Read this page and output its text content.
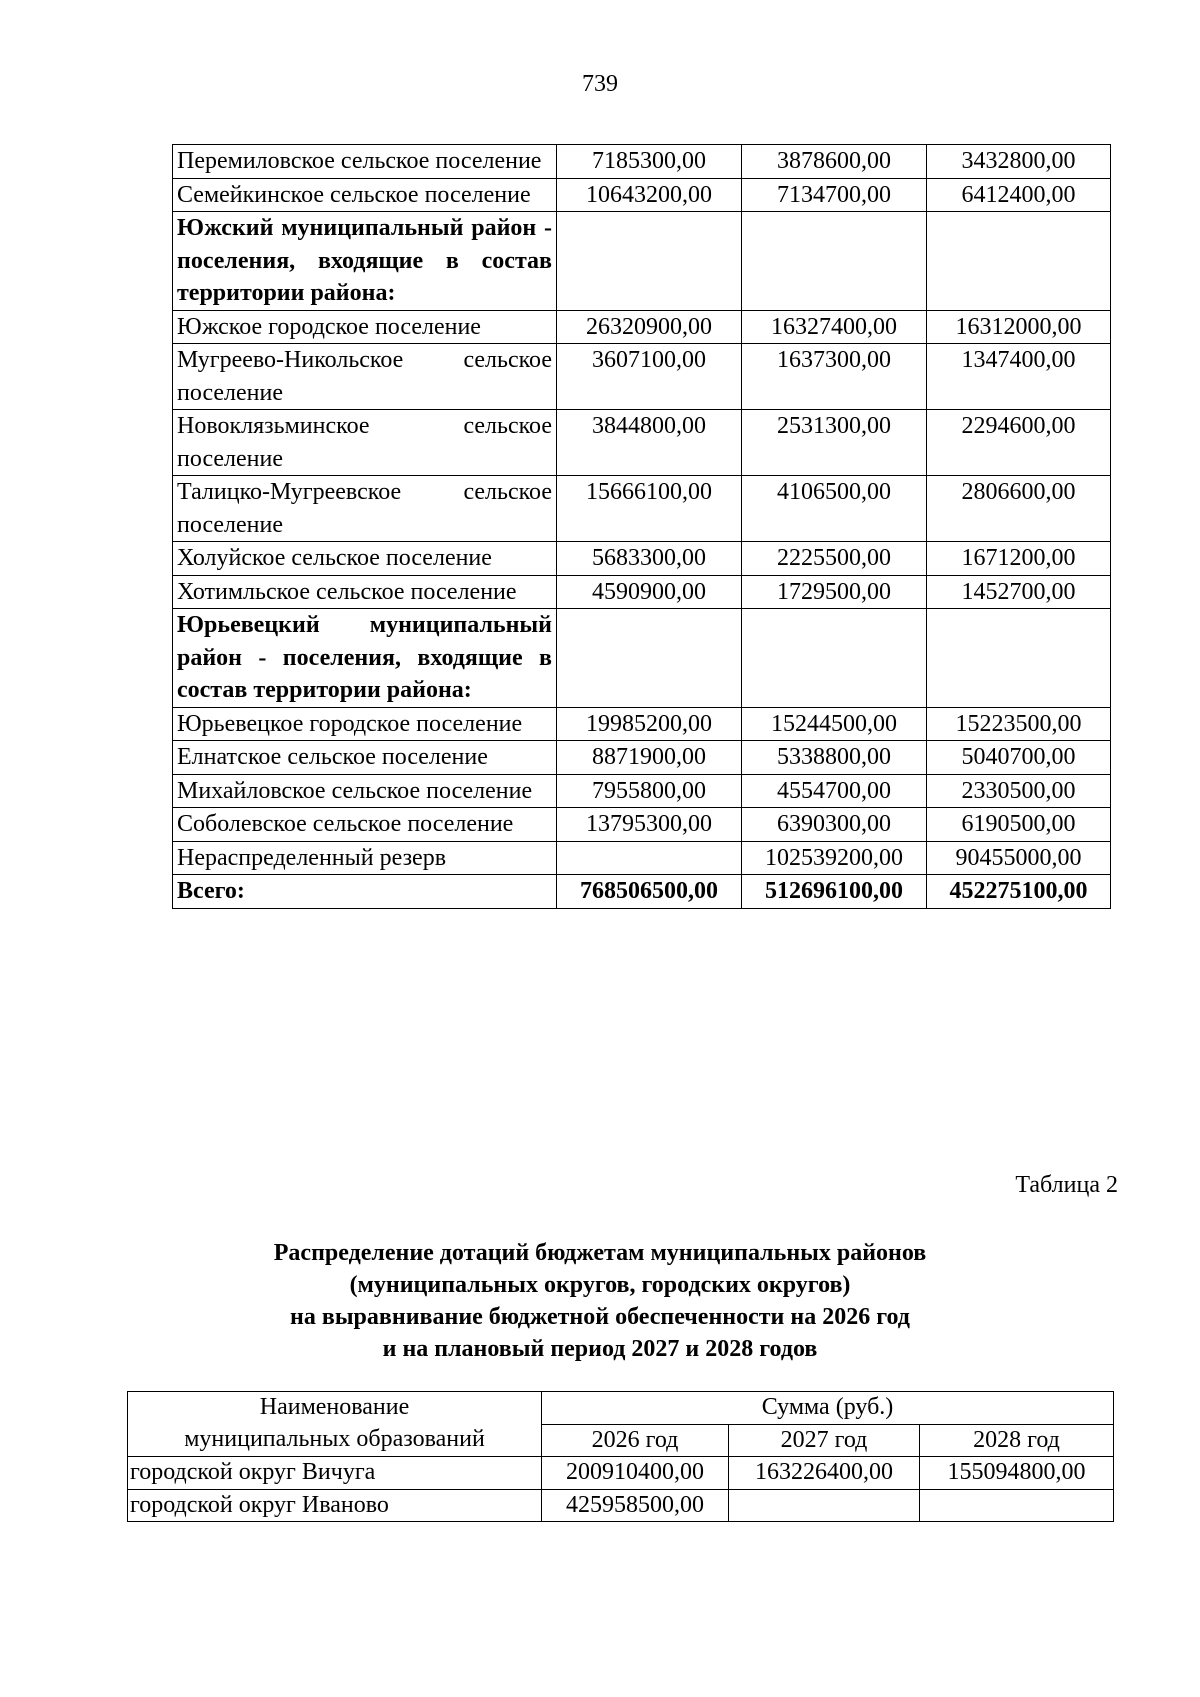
739
Перемиловское сельское поселение	7185300,00	3878600,00	3432800,00
Семейкинское сельское поселение	10643200,00	7134700,00	6412400,00
Южский муниципальный район - поселения, входящие в состав территории района:			
Южское городское поселение	26320900,00	16327400,00	16312000,00
Мугреево-Никольское сельское поселение	3607100,00	1637300,00	1347400,00
Новоклязьминское сельское поселение	3844800,00	2531300,00	2294600,00
Талицко-Мугреевское сельское поселение	15666100,00	4106500,00	2806600,00
Холуйское сельское поселение	5683300,00	2225500,00	1671200,00
Хотимльское сельское поселение	4590900,00	1729500,00	1452700,00
Юрьевецкий муниципальный район - поселения, входящие в состав территории района:			
Юрьевецкое городское поселение	19985200,00	15244500,00	15223500,00
Елнатское сельское поселение	8871900,00	5338800,00	5040700,00
Михайловское сельское поселение	7955800,00	4554700,00	2330500,00
Соболевское сельское поселение	13795300,00	6390300,00	6190500,00
Нераспределенный резерв		102539200,00	90455000,00
Всего:	768506500,00	512696100,00	452275100,00
Таблица 2
Распределение дотаций бюджетам муниципальных районов
(муниципальных округов, городских округов)
на выравнивание бюджетной обеспеченности на 2026 год
и на плановый период 2027 и 2028 годов
Наименование
муниципальных образований	Сумма (руб.)		
	2026 год	2027 год	2028 год
городской округ Вичуга	200910400,00	163226400,00	155094800,00
городской округ Иваново	425958500,00		
